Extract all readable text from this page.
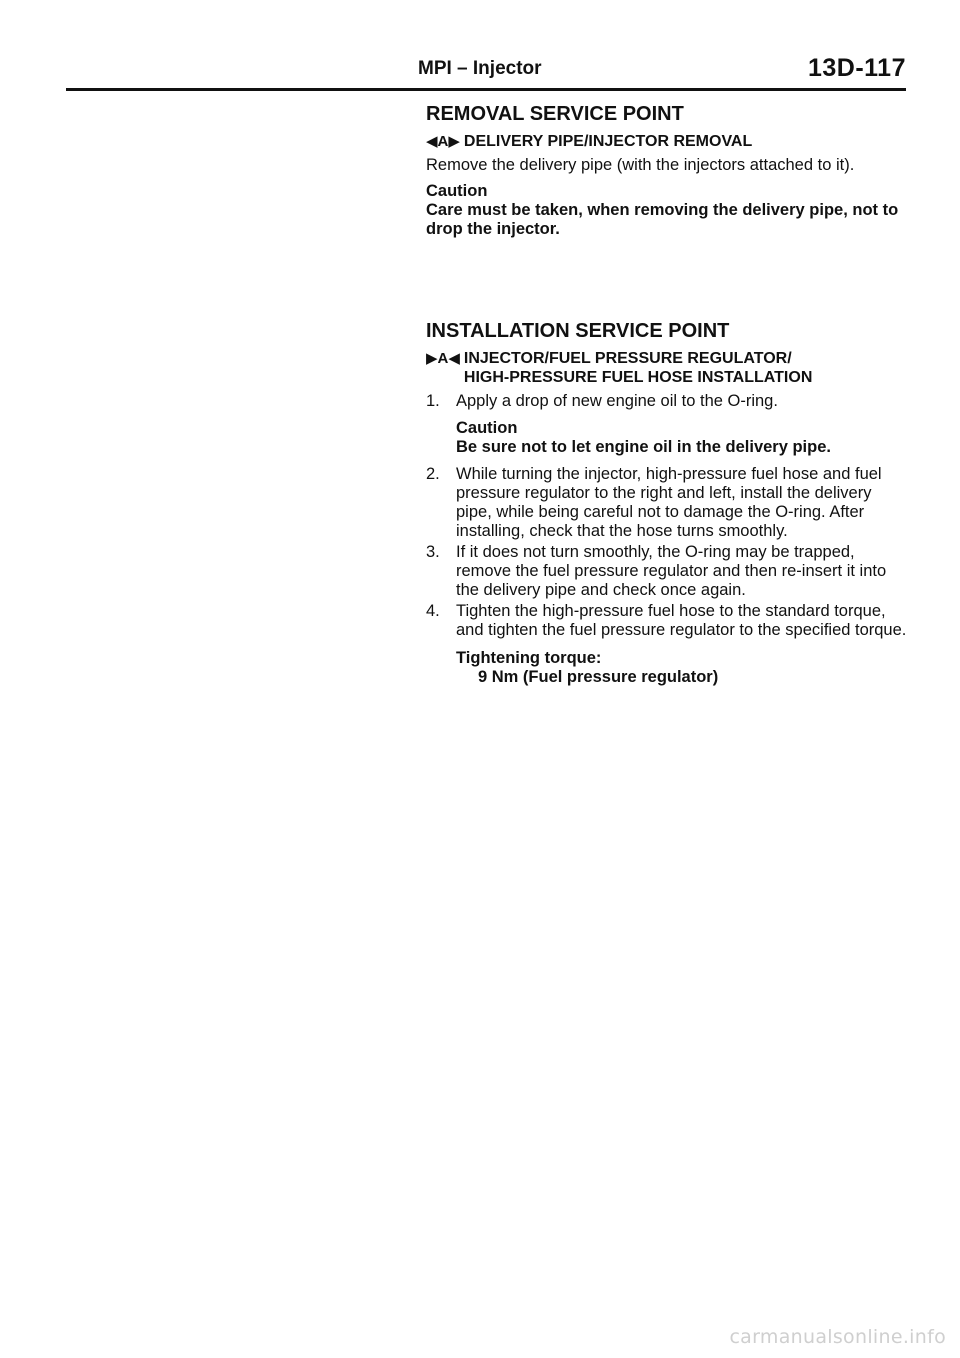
MPI – Injector	13D-117
REMOVAL SERVICE POINT
◀A▶ DELIVERY PIPE/INJECTOR REMOVAL

Remove the delivery pipe (with the injectors attached to it).

Caution

Care must be taken, when removing the delivery pipe, not to drop the injector.

INSTALLATION SERVICE POINT
▶A◀ INJECTOR/FUEL PRESSURE REGULATOR/
HIGH-PRESSURE FUEL HOSE INSTALLATION
1. Apply a drop of new engine oil to the O-ring.
Caution
Be sure not to let engine oil in the delivery pipe.
2. While turning the injector, high-pressure fuel hose and fuel pressure regulator to the right and left, install the delivery pipe, while being careful not to damage the O-ring. After installing, check that the hose turns smoothly.
3. If it does not turn smoothly, the O-ring may be trapped, remove the fuel pressure regulator and then re-insert it into the delivery pipe and check once again.
4. Tighten the high-pressure fuel hose to the standard torque, and tighten the fuel pressure regulator to the specified torque.
Tightening torque:
9 Nm (Fuel pressure regulator)
carmanualsonline.info
